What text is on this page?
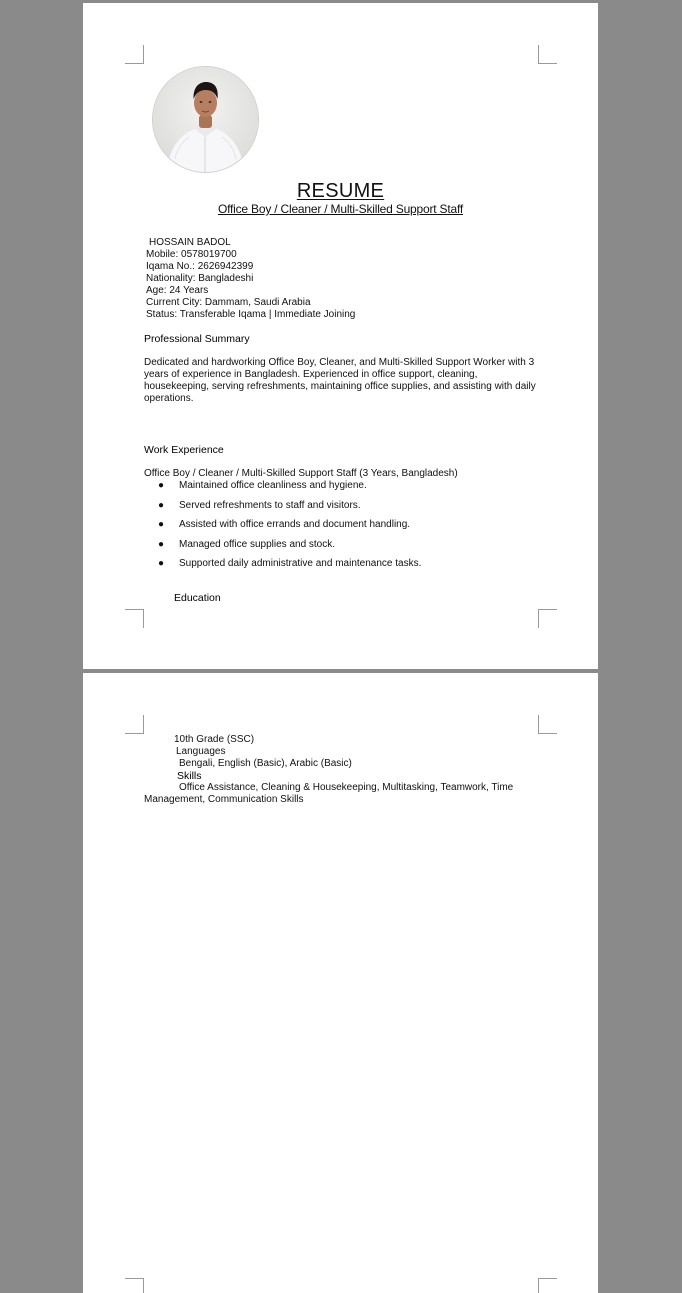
RESUME
Office Boy / Cleaner / Multi-Skilled Support Staff
HOSSAIN BADOL
Mobile: 0578019700
Iqama No.: 2626942399
Nationality: Bangladeshi
Age: 24 Years
Current City: Dammam, Saudi Arabia
Status: Transferable Iqama | Immediate Joining
Professional Summary
Dedicated and hardworking Office Boy, Cleaner, and Multi-Skilled Support Worker with 3 years of experience in Bangladesh. Experienced in office support, cleaning, housekeeping, serving refreshments, maintaining office supplies, and assisting with daily operations.
Work Experience
Office Boy / Cleaner / Multi-Skilled Support Staff (3 Years, Bangladesh)
● Maintained office cleanliness and hygiene.
● Served refreshments to staff and visitors.
● Assisted with office errands and document handling.
● Managed office supplies and stock.
● Supported daily administrative and maintenance tasks.
Education
10th Grade (SSC)
Languages
Bengali, English (Basic), Arabic (Basic)
Skills
Office Assistance, Cleaning & Housekeeping, Multitasking, Teamwork, Time
Management, Communication Skills
